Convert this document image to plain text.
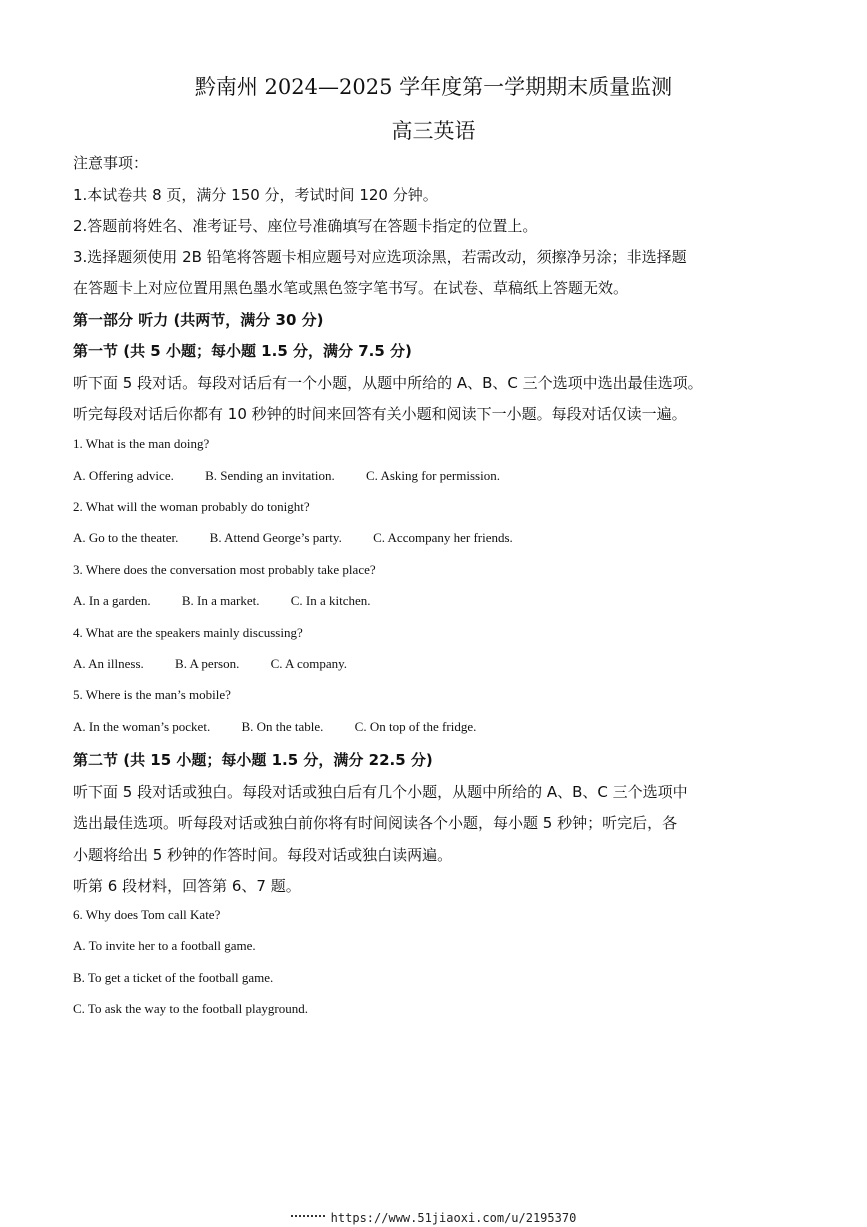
黔南州 2024—2025 学年度第一学期期末质量监测
高三英语
注意事项：
1.本试卷共 8 页，满分 150 分，考试时间 120 分钟。
2.答题前将姓名、准考证号、座位号准确填写在答题卡指定的位置上。
3.选择题须使用 2B 铅笔将答题卡相应题号对应选项涂黑，若需改动，须擦净另涂；非选择题
在答题卡上对应位置用黑色墨水笔或黑色签字笔书写。在试卷、草稿纸上答题无效。
第一部分 听力 (共两节，满分 30 分)
第一节 (共 5 小题；每小题 1.5 分，满分 7.5 分)
听下面 5 段对话。每段对话后有一个小题，从题中所给的 A、B、C 三个选项中选出最佳选项。
听完每段对话后你都有 10 秒钟的时间来回答有关小题和阅读下一小题。每段对话仅读一遍。
1. What is the man doing?
A. Offering advice. B. Sending an invitation. C. Asking for permission.
2. What will the woman probably do tonight?
A. Go to the theater. B. Attend George’s party. C. Accompany her friends.
3. Where does the conversation most probably take place?
A. In a garden. B. In a market. C. In a kitchen.
4. What are the speakers mainly discussing?
A. An illness. B. A person. C. A company.
5. Where is the man’s mobile?
A. In the woman’s pocket. B. On the table. C. On top of the fridge.
第二节 (共 15 小题；每小题 1.5 分，满分 22.5 分)
听下面 5 段对话或独白。每段对话或独白后有几个小题，从题中所给的 A、B、C 三个选项中
选出最佳选项。听每段对话或独白前你将有时间阅读各个小题，每小题 5 秒钟；听完后，各
小题将给出 5 秒钟的作答时间。每段对话或独白读两遍。
听第 6 段材料，回答第 6、7 题。
6. Why does Tom call Kate?
A. To invite her to a football game.
B. To get a ticket of the football game.
C. To ask the way to the football playground.
https://www.51jiaoxi.com/u/2195370
